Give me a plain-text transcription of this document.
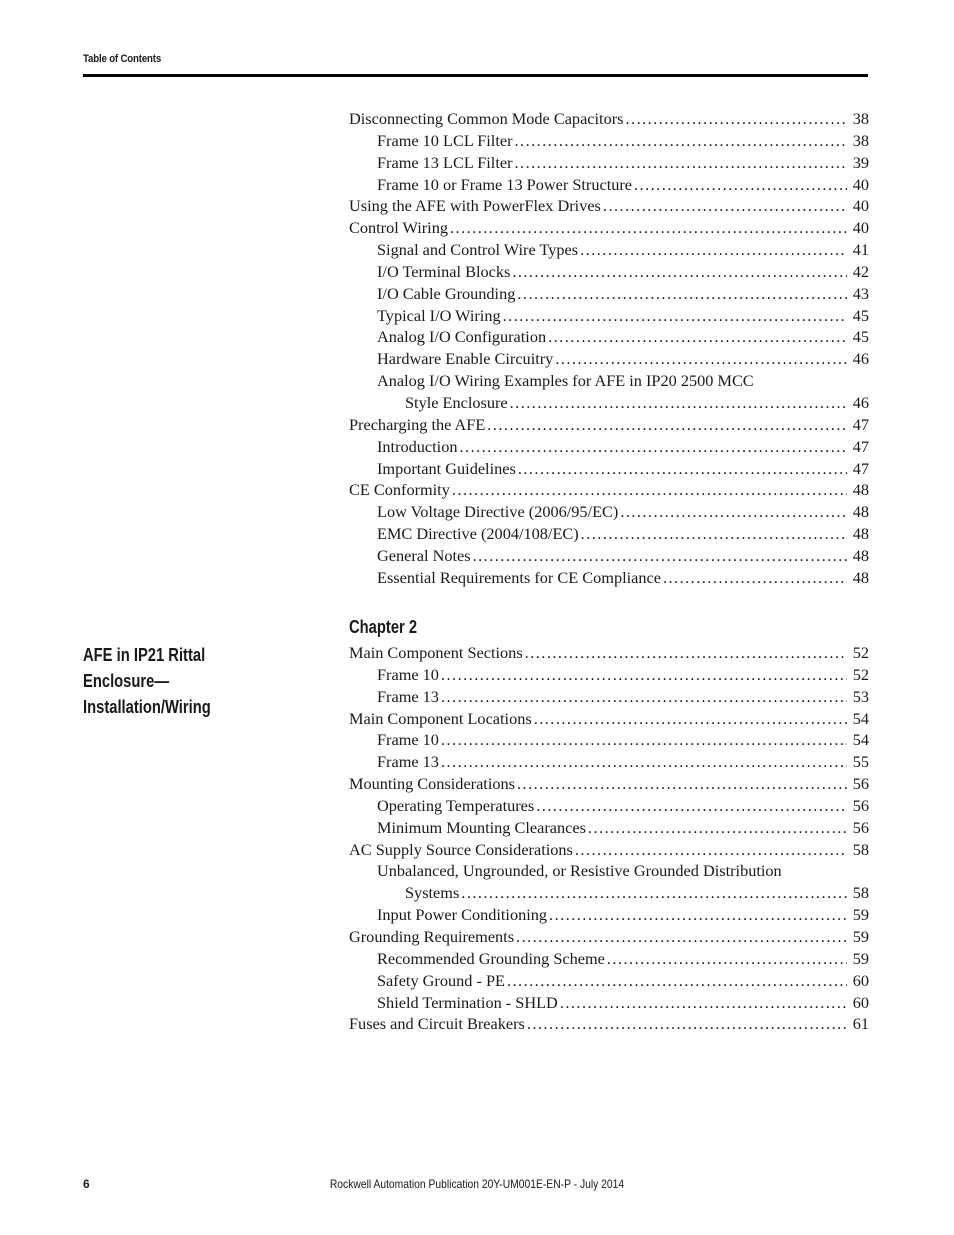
Table of Contents
Disconnecting Common Mode Capacitors . . .	38
Frame 10 LCL Filter . . .	38
Frame 13 LCL Filter . . .	39
Frame 10 or Frame 13 Power Structure . . .	40
Using the AFE with PowerFlex Drives . . .	40
Control Wiring . . .	40
Signal and Control Wire Types . . .	41
I/O Terminal Blocks . . .	42
I/O Cable Grounding . . .	43
Typical I/O Wiring . . .	45
Analog I/O Configuration . . .	45
Hardware Enable Circuitry . . .	46
Analog I/O Wiring Examples for AFE in IP20 2500 MCC
Style Enclosure . . .	46
Precharging the AFE . . .	47
Introduction . . .	47
Important Guidelines . . .	47
CE Conformity . . .	48
Low Voltage Directive (2006/95/EC) . . .	48
EMC Directive (2004/108/EC) . . .	48
General Notes . . .	48
Essential Requirements for CE Compliance . . .	48
Chapter 2
AFE in IP21 Rittal Enclosure—Installation/Wiring
Main Component Sections . . .	52
Frame 10 . . .	52
Frame 13 . . .	53
Main Component Locations . . .	54
Frame 10 . . .	54
Frame 13 . . .	55
Mounting Considerations . . .	56
Operating Temperatures . . .	56
Minimum Mounting Clearances . . .	56
AC Supply Source Considerations . . .	58
Unbalanced, Ungrounded, or Resistive Grounded Distribution
Systems . . .	58
Input Power Conditioning . . .	59
Grounding Requirements . . .	59
Recommended Grounding Scheme . . .	59
Safety Ground - PE . . .	60
Shield Termination - SHLD . . .	60
Fuses and Circuit Breakers . . .	61
6	Rockwell Automation Publication 20Y-UM001E-EN-P - July 2014
